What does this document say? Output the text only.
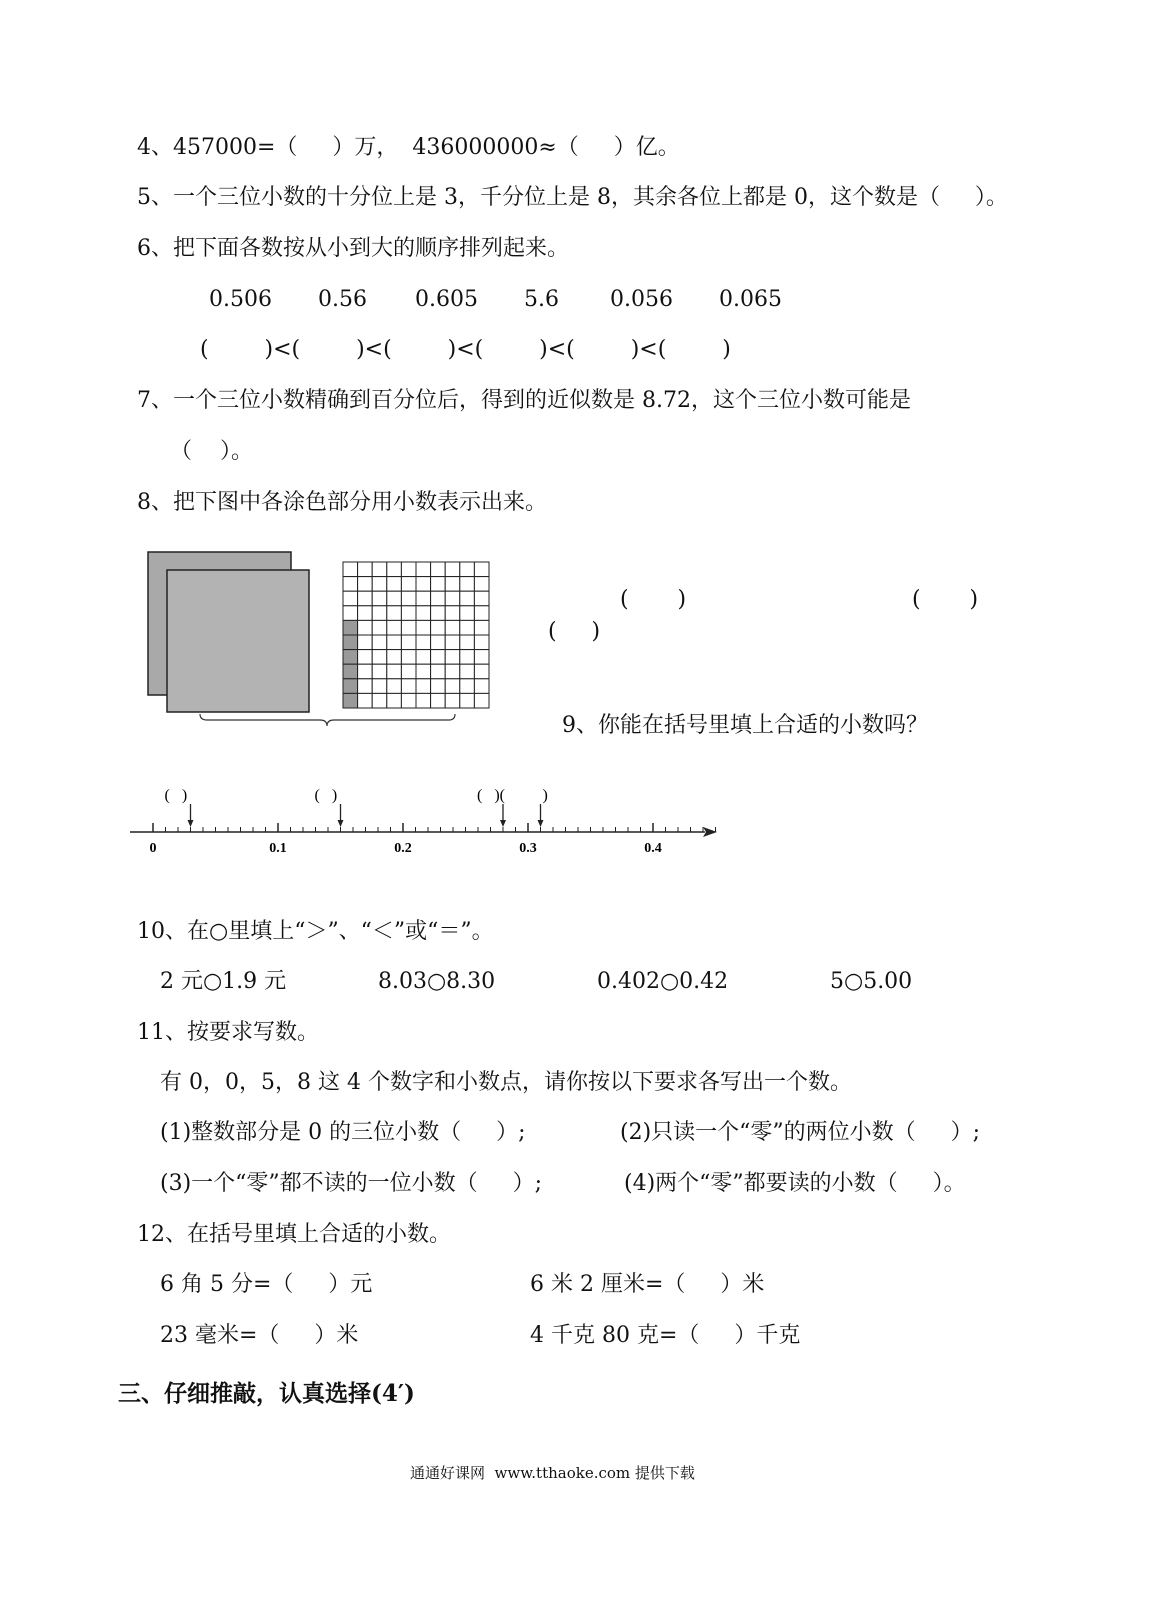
4、457000=（     ）万，  436000000≈（     ）亿。
5、一个三位小数的十分位上是 3，千分位上是 8，其余各位上都是 0，这个数是（     ）。
6、把下面各数按从小到大的顺序排列起来。
0.506 0.56 0.605 5.6 0.056 0.065
(        )<(        )<(        )<(        )<(        )<(        )
7、一个三位小数精确到百分位后，得到的近似数是 8.72，这个三位小数可能是
（    ）。
8、把下图中各涂色部分用小数表示出来。
(       )	(       )
(     )
9、你能在括号里填上合适的小数吗？
0	0.1	0.2	0.3	0.4
(   )	(   )	(   )( )
10、在○里填上“＞”、“＜”或“＝”。
2 元○1.9 元	8.03○8.30	0.402○0.42	5○5.00
11、按要求写数。
有 0，0，5，8 这 4 个数字和小数点，请你按以下要求各写出一个数。
(1)整数部分是 0 的三位小数（     ）;	(2)只读一个“零”的两位小数（     ）;
(3)一个“零”都不读的一位小数（     ）;	(4)两个“零”都要读的小数（     ）。
12、在括号里填上合适的小数。
6 角 5 分=（     ）元	6 米 2 厘米=（     ）米
23 毫米=（     ）米	4 千克 80 克=（     ）千克
三、仔细推敲，认真选择(4′)
通通好课网  www.tthaoke.com 提供下载
